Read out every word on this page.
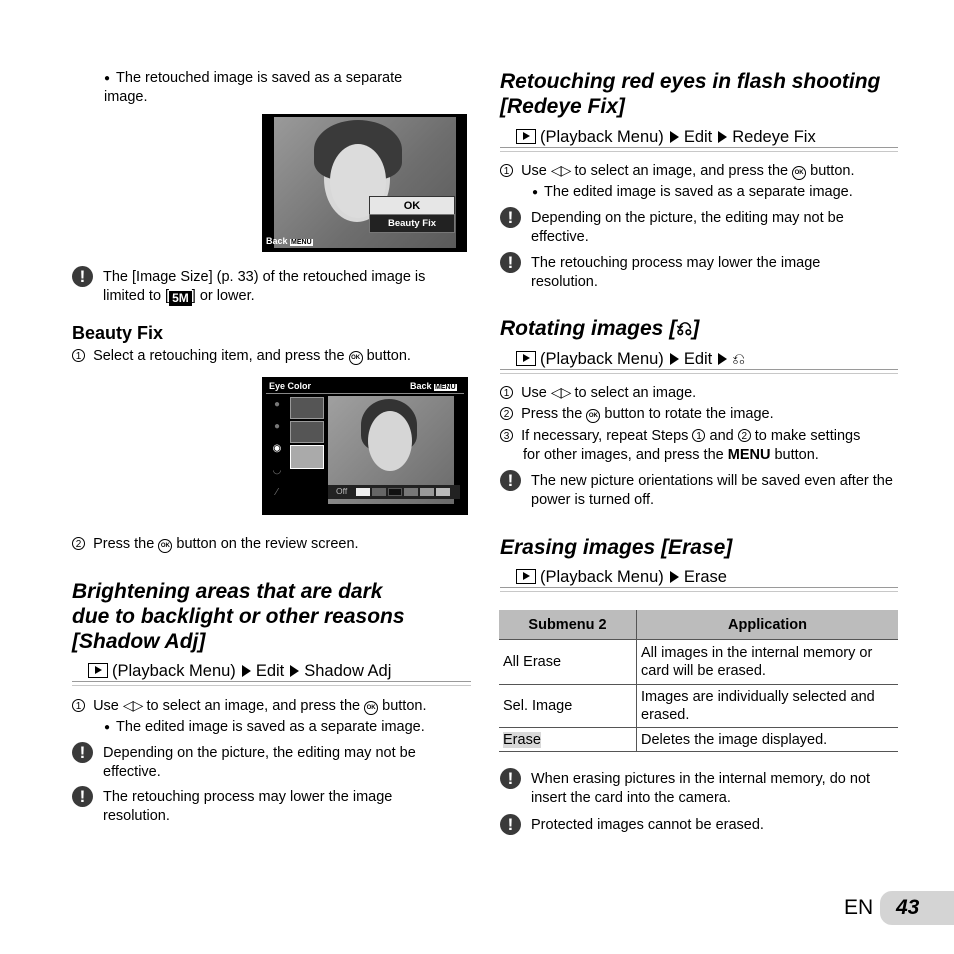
● The retouched image is saved as a separate image.
OK
Beauty Fix
Back MENU
!	The [Image Size] (p. 33) of the retouched image is limited to [ 5M ] or lower.
Beauty Fix
1 Select a retouching item, and press the OK button.
Eye Color	Back MENU
●
●
◉
◡
⁄	Off
2 Press the OK button on the review screen.
Brightening areas that are dark
due to backlight or other reasons
[Shadow Adj]
(Playback Menu) Edit Shadow Adj
1 Use ◁▷ to select an image, and press the OK button.
● The edited image is saved as a separate image.
!	Depending on the picture, the editing may not be effective.
!	The retouching process may lower the image resolution.
Retouching red eyes in flash shooting
[Redeye Fix]
(Playback Menu) Edit Redeye Fix
1 Use ◁▷ to select an image, and press the OK button.
● The edited image is saved as a separate image.
!	Depending on the picture, the editing may not be effective.
!	The retouching process may lower the image resolution.
Rotating images [⎌]
(Playback Menu) Edit ⎌
1 Use ◁▷ to select an image.
2 Press the OK button to rotate the image.
3 If necessary, repeat Steps 1 and 2 to make settings
for other images, and press the MENU button.
!	The new picture orientations will be saved even after the power is turned off.
Erasing images [Erase]
(Playback Menu) Erase
Submenu 2	Application
All Erase	All images in the internal memory or card will be erased.
Sel. Image	Images are individually selected and erased.
Erase	Deletes the image displayed.
!	When erasing pictures in the internal memory, do not insert the card into the camera.
!	Protected images cannot be erased.
EN	43
